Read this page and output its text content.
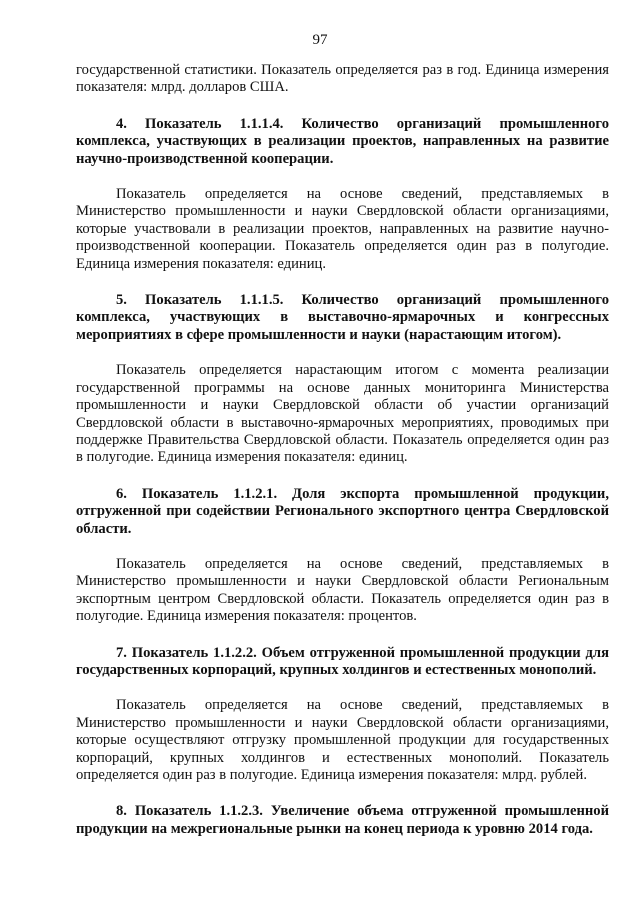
97

государственной статистики. Показатель определяется раз в год. Единица измерения показателя: млрд. долларов США.

4. Показатель 1.1.1.4. Количество организаций промышленного комплекса, участвующих в реализации проектов, направленных на развитие научно-производственной кооперации.

Показатель определяется на основе сведений, представляемых в Министерство промышленности и науки Свердловской области организациями, которые участвовали в реализации проектов, направленных на развитие научно-производственной кооперации. Показатель определяется один раз в полугодие. Единица измерения показателя: единиц.

5. Показатель 1.1.1.5. Количество организаций промышленного комплекса, участвующих в выставочно-ярмарочных и конгрессных мероприятиях в сфере промышленности и науки (нарастающим итогом).

Показатель определяется нарастающим итогом с момента реализации государственной программы на основе данных мониторинга Министерства промышленности и науки Свердловской области об участии организаций Свердловской области в выставочно-ярмарочных мероприятиях, проводимых при поддержке Правительства Свердловской области. Показатель определяется один раз в полугодие. Единица измерения показателя: единиц.

6. Показатель 1.1.2.1. Доля экспорта промышленной продукции, отгруженной при содействии Регионального экспортного центра Свердловской области.

Показатель определяется на основе сведений, представляемых в Министерство промышленности и науки Свердловской области Региональным экспортным центром Свердловской области. Показатель определяется один раз в полугодие. Единица измерения показателя: процентов.

7. Показатель 1.1.2.2. Объем отгруженной промышленной продукции для государственных корпораций, крупных холдингов и естественных монополий.

Показатель определяется на основе сведений, представляемых в Министерство промышленности и науки Свердловской области организациями, которые осуществляют отгрузку промышленной продукции для государственных корпораций, крупных холдингов и естественных монополий. Показатель определяется один раз в полугодие. Единица измерения показателя: млрд. рублей.

8. Показатель 1.1.2.3. Увеличение объема отгруженной промышленной продукции на межрегиональные рынки на конец периода к уровню 2014 года.
